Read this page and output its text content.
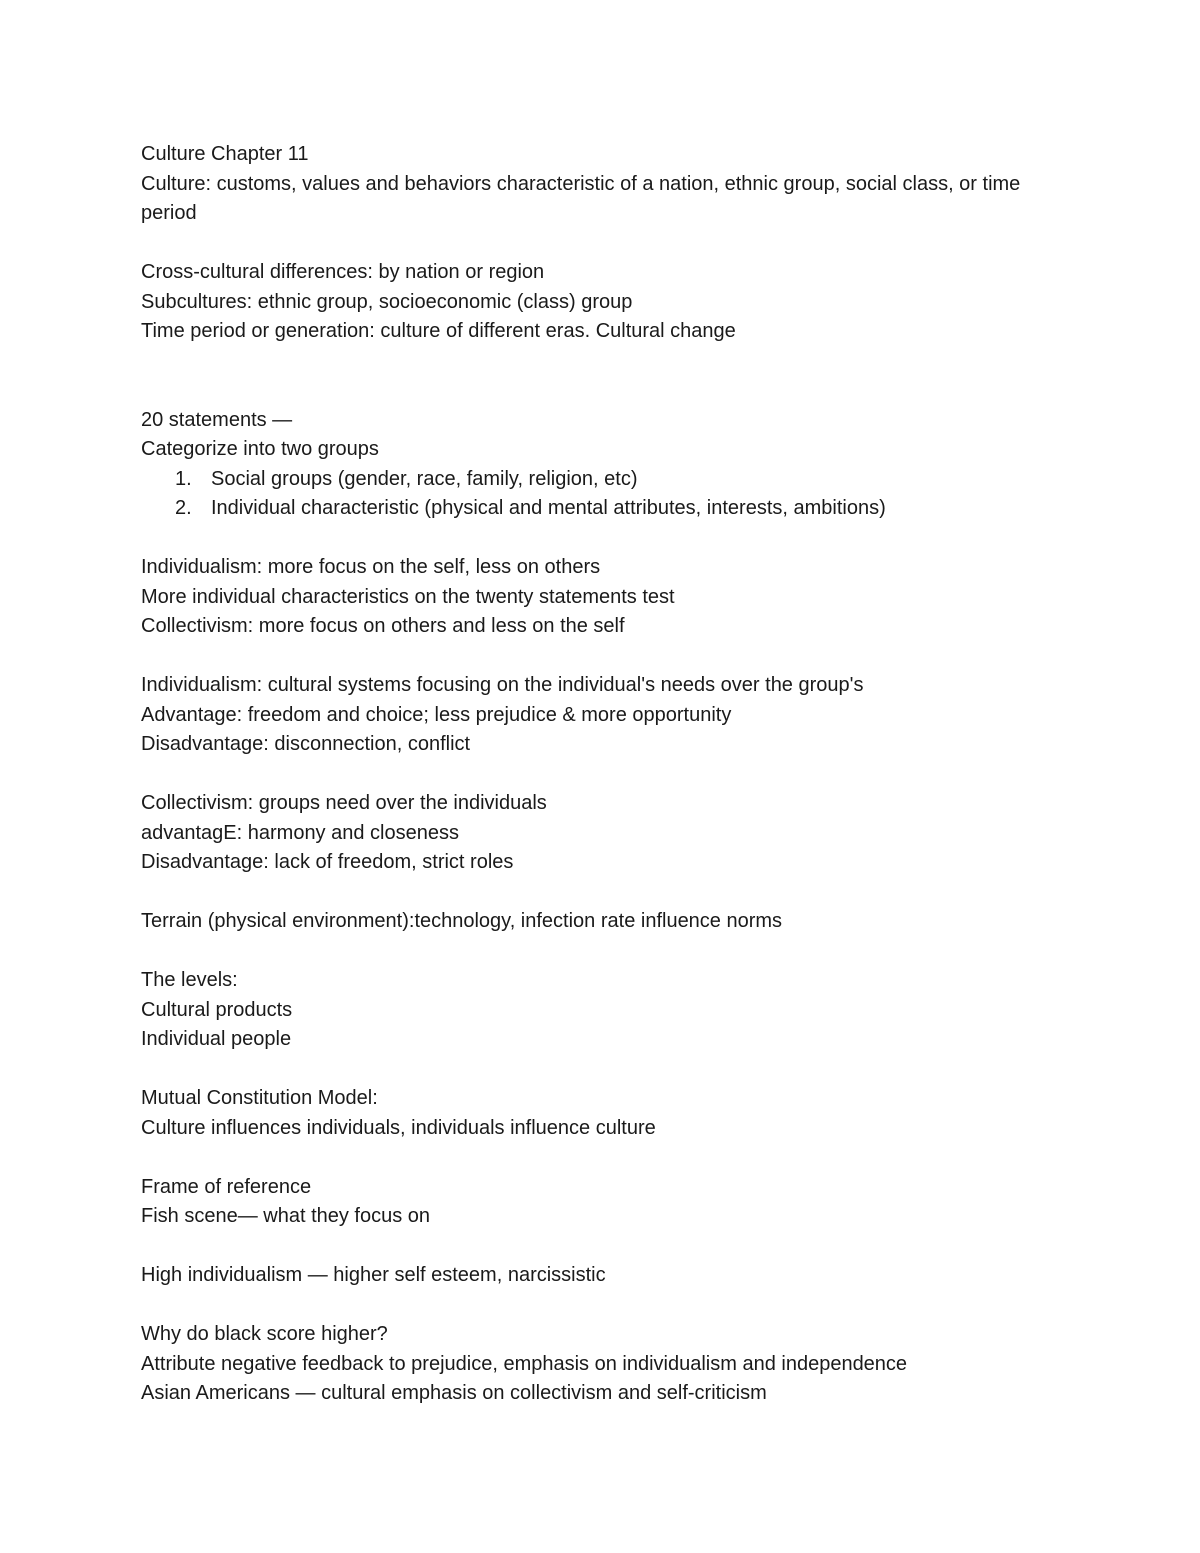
Culture Chapter 11

Culture: customs, values and behaviors characteristic of a nation, ethnic group, social class, or time period

Cross-cultural differences: by nation or region

Subcultures: ethnic group, socioeconomic (class) group

Time period or generation: culture of different eras. Cultural change

20 statements —

Categorize into two groups

1. Social groups (gender, race, family, religion, etc)
2. Individual characteristic (physical and mental attributes, interests, ambitions)

Individualism: more focus on the self, less on others

More individual characteristics on the twenty statements test

Collectivism: more focus on others and less on the self

Individualism: cultural systems focusing on the individual's needs over the group's

Advantage: freedom and choice; less prejudice & more opportunity

Disadvantage: disconnection, conflict

Collectivism: groups need over the individuals

advantagE: harmony and closeness

Disadvantage: lack of freedom, strict roles

Terrain (physical environment):technology, infection rate influence norms

The levels:

Cultural products

Individual people

Mutual Constitution Model:

Culture influences individuals, individuals influence culture

Frame of reference

Fish scene— what they focus on

High individualism — higher self esteem, narcissistic

Why do black score higher?

Attribute negative feedback to prejudice, emphasis on individualism and independence

Asian Americans — cultural emphasis on collectivism and self-criticism
